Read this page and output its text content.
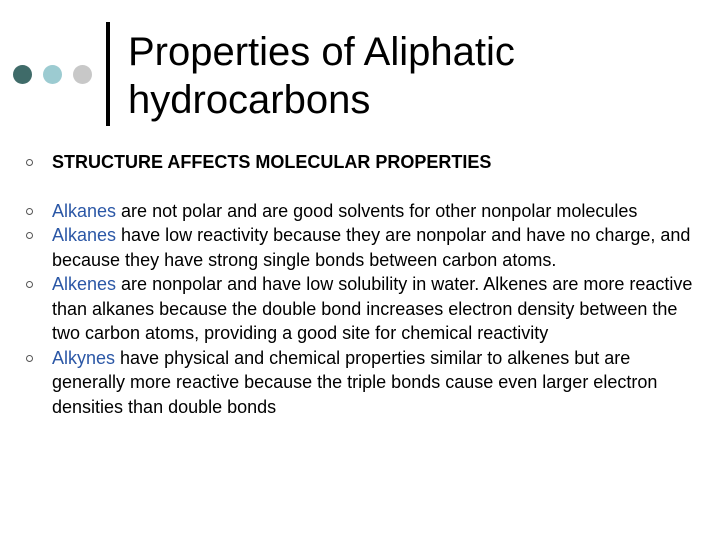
Properties of Aliphatic
hydrocarbons
STRUCTURE AFFECTS MOLECULAR PROPERTIES
Alkanes are not polar and are good solvents for other nonpolar molecules
Alkanes have low reactivity because they are nonpolar and have no charge, and because they have strong single bonds between carbon atoms.
Alkenes are nonpolar and have low solubility in water. Alkenes are more reactive than alkanes because the double bond increases electron density between the two carbon atoms, providing a good site for chemical reactivity
Alkynes have physical and chemical properties similar to alkenes but are generally more reactive because the triple bonds cause even larger electron densities than double bonds
